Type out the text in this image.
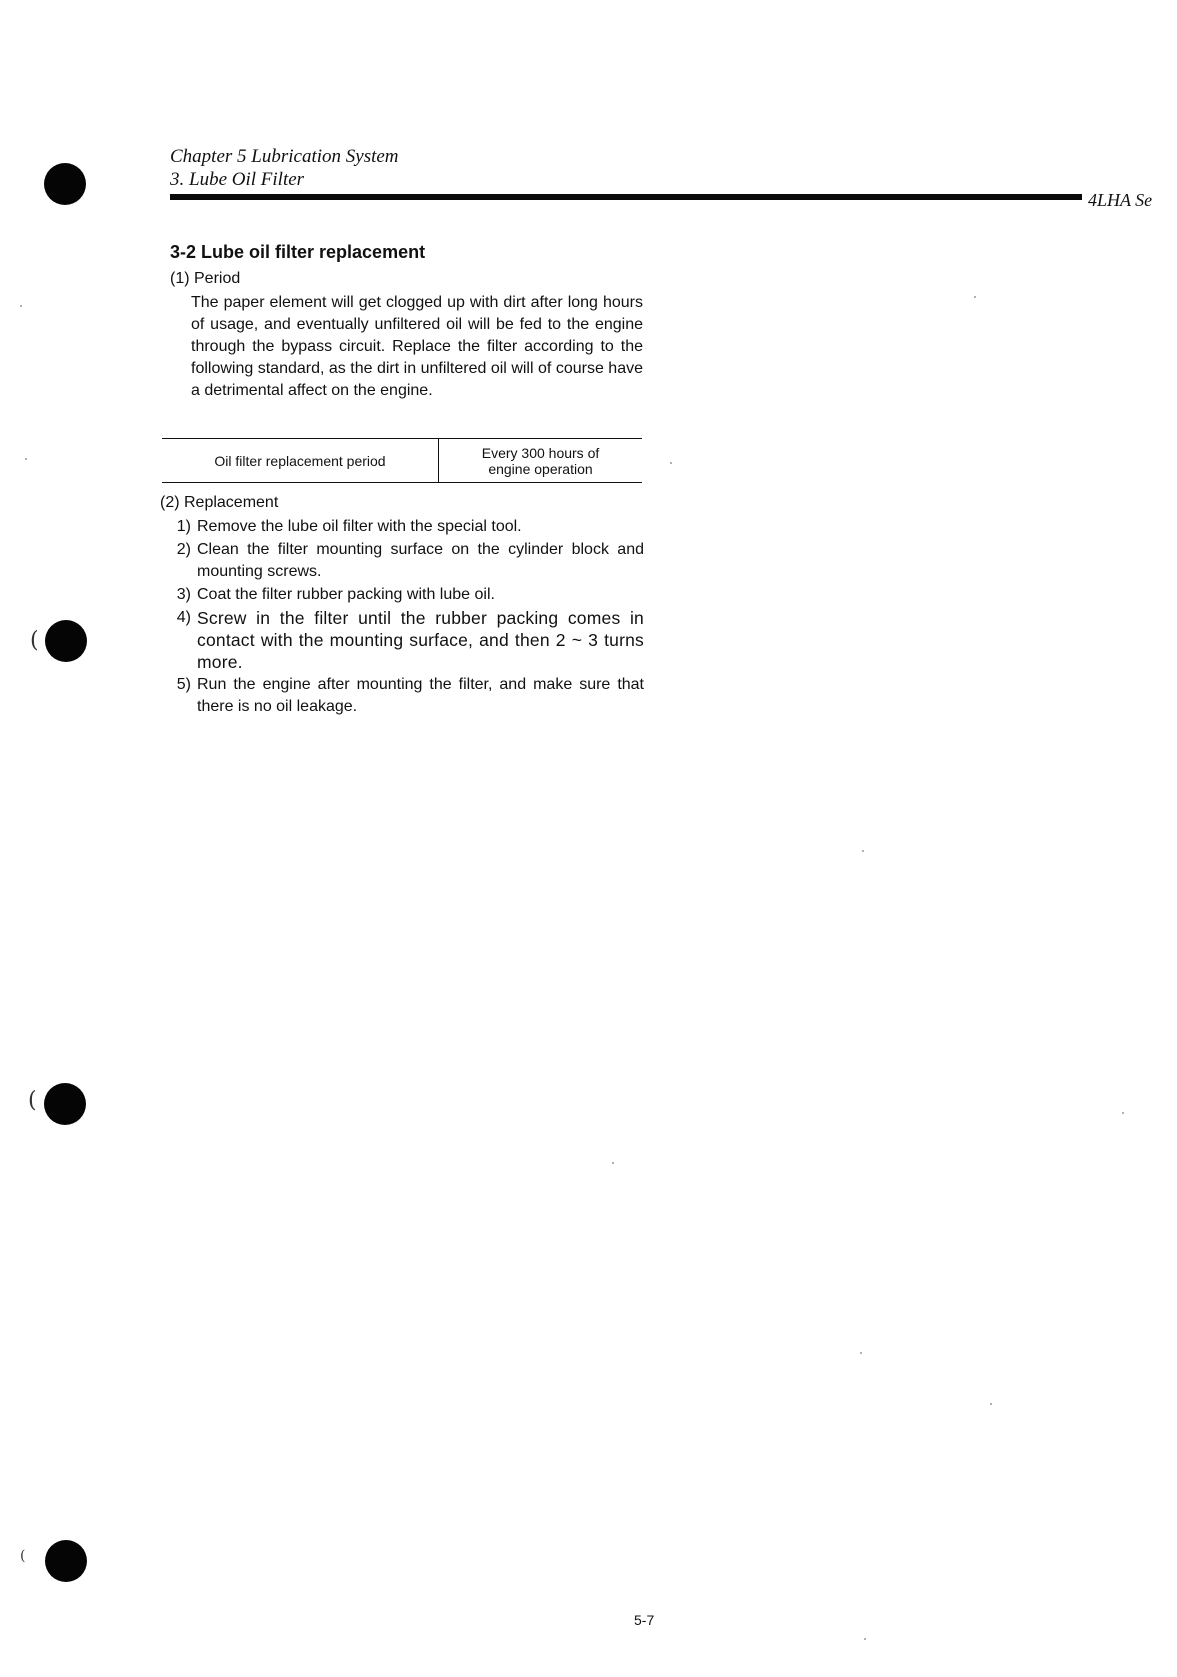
(
(
(
Chapter 5 Lubrication System
3. Lube Oil Filter
4LHA Se
3-2 Lube oil filter replacement
(1) Period
The paper element will get clogged up with dirt after long hours of usage, and eventually unfiltered oil will be fed to the engine through the bypass circuit. Replace the filter according to the following standard, as the dirt in unfiltered oil will of course have a detrimental affect on the engine.
Oil filter replacement period	Every 300 hours of
engine operation
(2) Replacement
1) Remove the lube oil filter with the special tool.
2) Clean the filter mounting surface on the cylinder block and mounting screws.
3) Coat the filter rubber packing with lube oil.
4) Screw in the filter until the rubber packing comes in contact with the mounting surface, and then 2 ~ 3 turns more.
5) Run the engine after mounting the filter, and make sure that there is no oil leakage.
5-7
